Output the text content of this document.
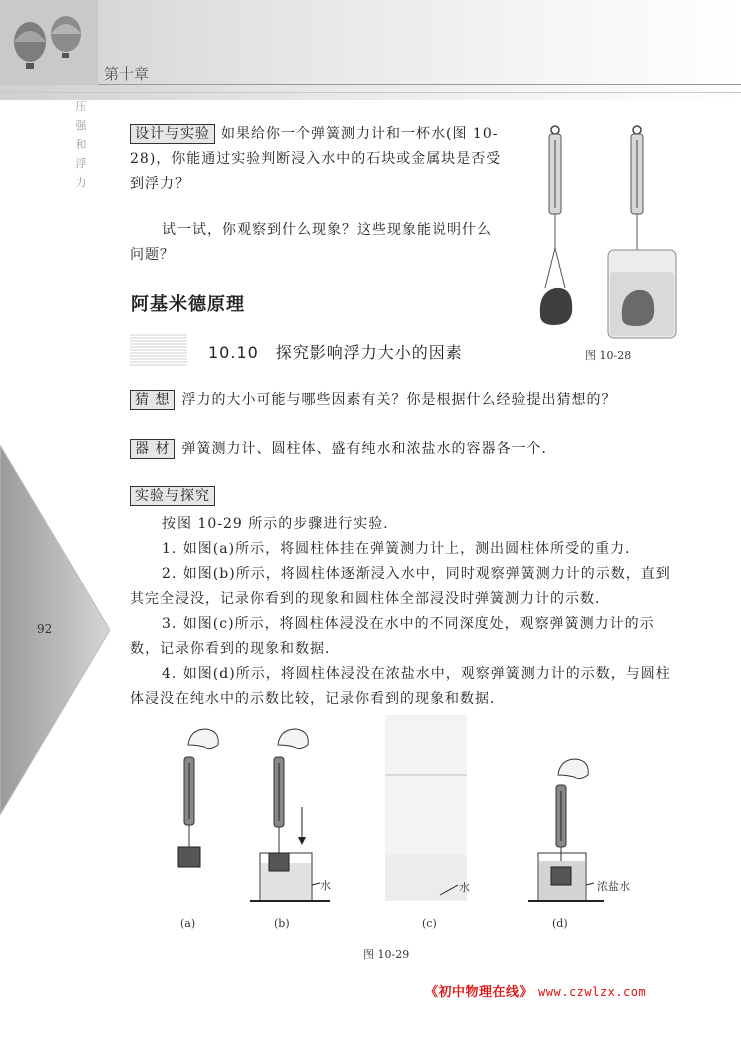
第十章
压
强
和
浮
力
92
设计与实验 如果给你一个弹簧测力计和一杯水(图 10-28)，你能通过实验判断浸入水中的石块或金属块是否受到浮力？
试一试，你观察到什么现象？这些现象能说明什么问题？
图 10-28
阿基米德原理
10.10　探究影响浮力大小的因素
猜 想 浮力的大小可能与哪些因素有关？你是根据什么经验提出猜想的？
器 材 弹簧测力计、圆柱体、盛有纯水和浓盐水的容器各一个．
实验与探究

按图 10-29 所示的步骤进行实验．

1. 如图(a)所示，将圆柱体挂在弹簧测力计上，测出圆柱体所受的重力．

2. 如图(b)所示，将圆柱体逐渐浸入水中，同时观察弹簧测力计的示数，直到其完全浸没，记录你看到的现象和圆柱体全部浸没时弹簧测力计的示数．

3. 如图(c)所示，将圆柱体浸没在水中的不同深度处，观察弹簧测力计的示数，记录你看到的现象和数据．

4. 如图(d)所示，将圆柱体浸没在浓盐水中，观察弹簧测力计的示数，与圆柱体浸没在纯水中的示数比较，记录你看到的现象和数据．

水	水	浓盐水
(a)	(b)	(c)	(d)
图 10-29
《初中物理在线》 www.czwlzx.com
